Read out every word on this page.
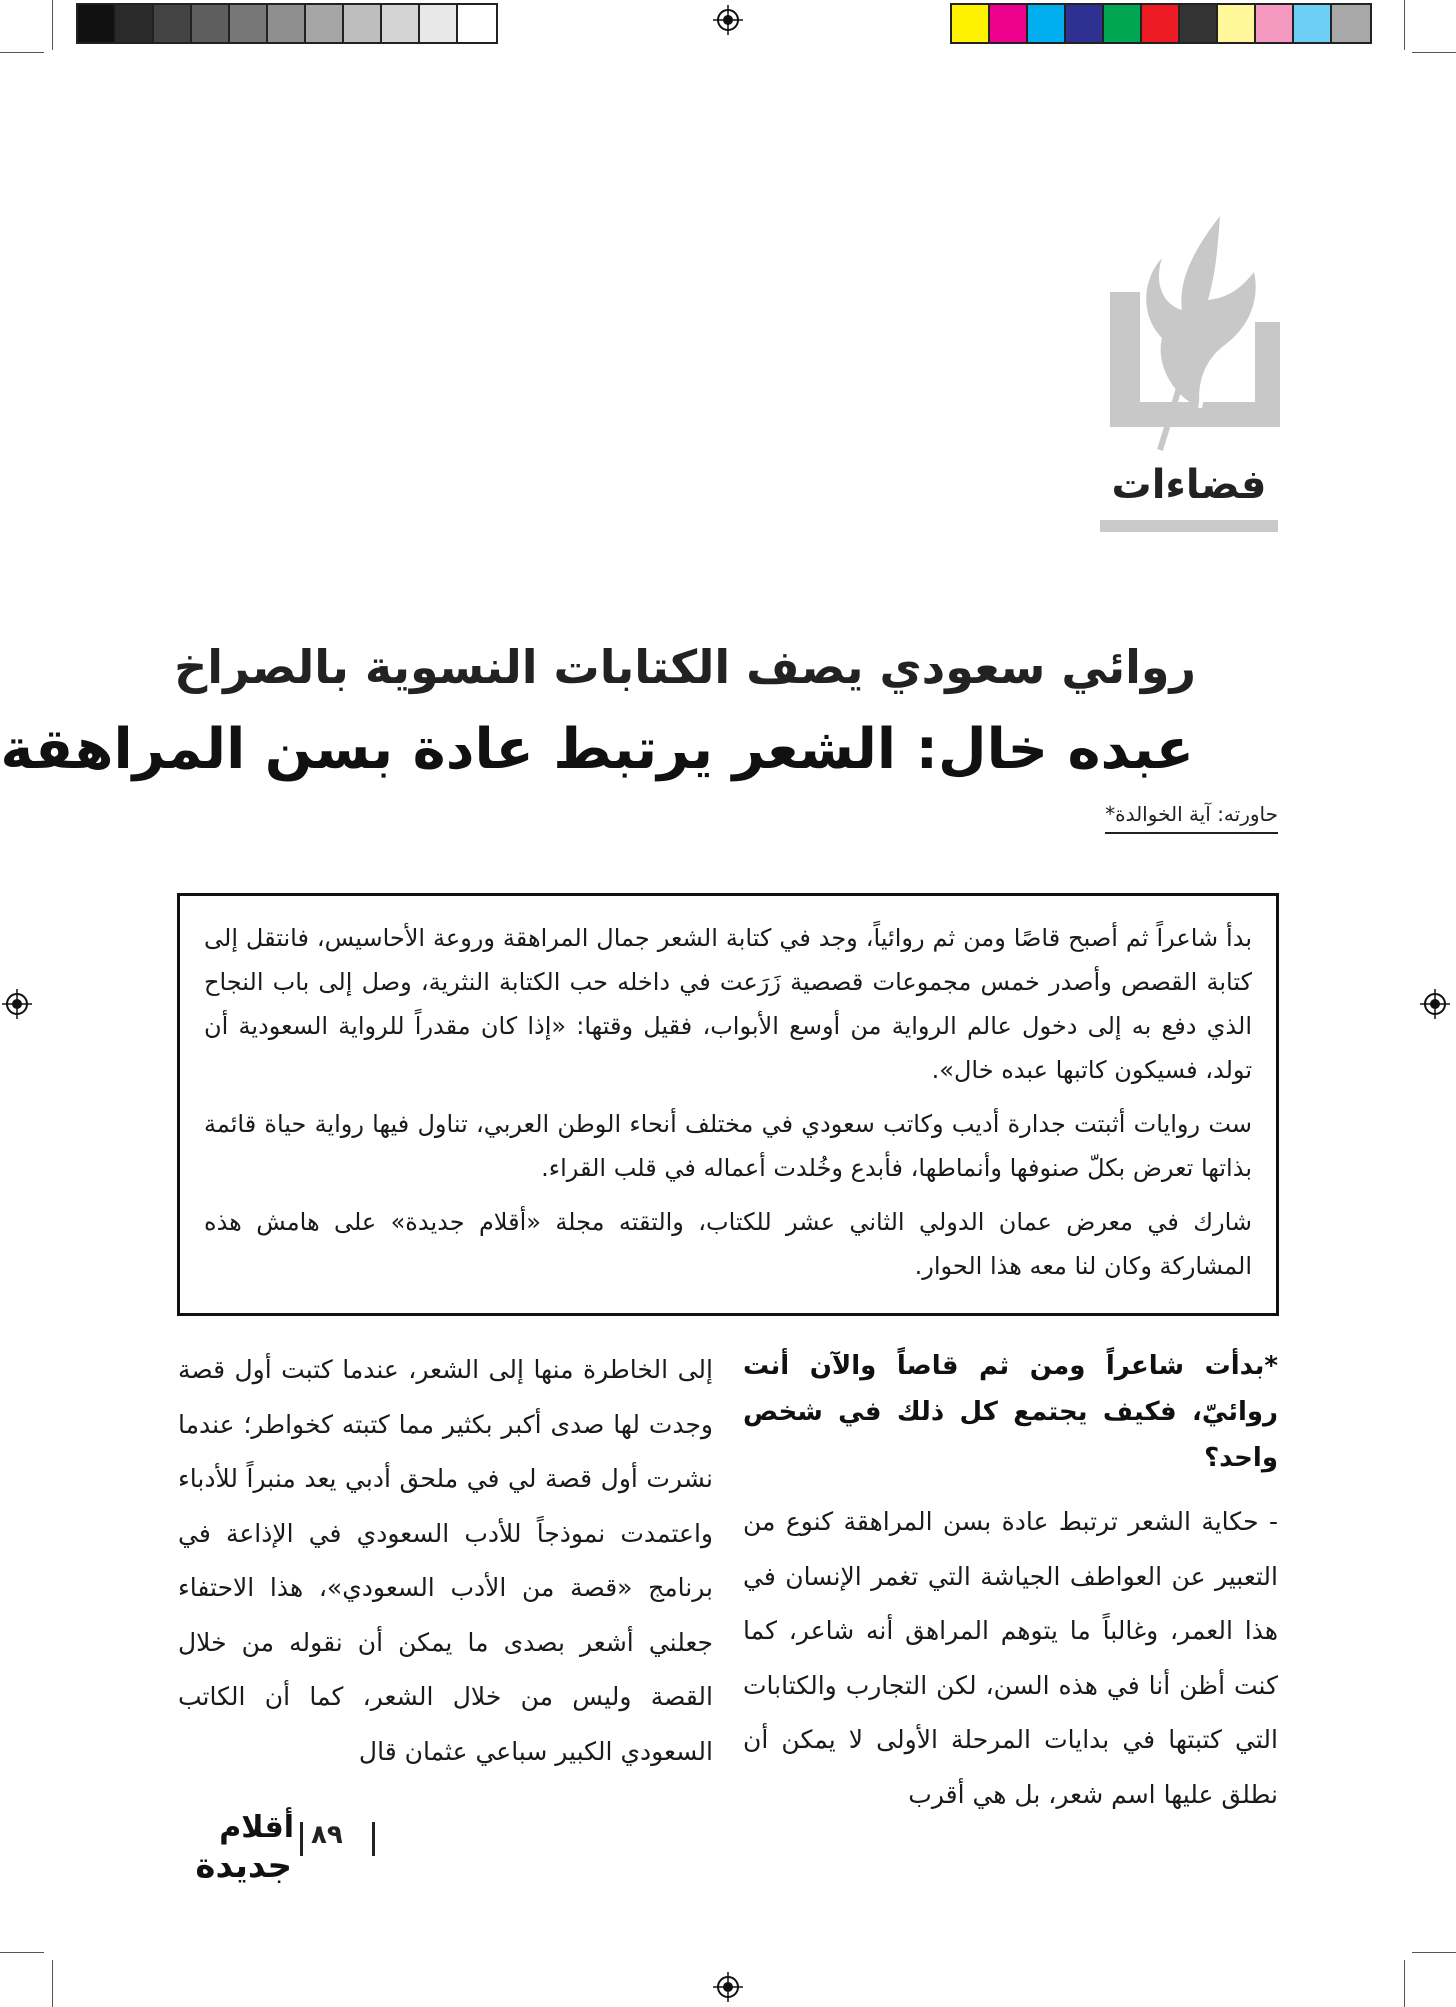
فضاءات
روائي سعودي يصف الكتابات النسوية بالصراخ
عبده خال: الشعر يرتبط عادة بسن المراهقة
حاورته: آية الخوالدة*

بدأ شاعراً ثم أصبح قاصًا ومن ثم روائياً، وجد في كتابة الشعر جمال المراهقة وروعة الأحاسيس، فانتقل إلى كتابة القصص وأصدر خمس مجموعات قصصية زَرَعت في داخله حب الكتابة النثرية، وصل إلى باب النجاح الذي دفع به إلى دخول عالم الرواية من أوسع الأبواب، فقيل وقتها: «إذا كان مقدراً للرواية السعودية أن تولد، فسيكون كاتبها عبده خال».

ست روايات أثبتت جدارة أديب وكاتب سعودي في مختلف أنحاء الوطن العربي، تناول فيها رواية حياة قائمة بذاتها تعرض بكلّ صنوفها وأنماطها، فأبدع وخُلدت أعماله في قلب القراء.

شارك في معرض عمان الدولي الثاني عشر للكتاب، والتقته مجلة «أقلام جديدة» على هامش هذه المشاركة وكان لنا معه هذا الحوار.

*بدأت شاعراً ومن ثم قاصاً والآن أنت روائيّ، فكيف يجتمع كل ذلك في شخص واحد؟

- حكاية الشعر ترتبط عادة بسن المراهقة كنوع من التعبير عن العواطف الجياشة التي تغمر الإنسان في هذا العمر، وغالباً ما يتوهم المراهق أنه شاعر، كما كنت أظن أنا في هذه السن، لكن التجارب والكتابات التي كتبتها في بدايات المرحلة الأولى لا يمكن أن نطلق عليها اسم شعر، بل هي أقرب

إلى الخاطرة منها إلى الشعر، عندما كتبت أول قصة وجدت لها صدى أكبر بكثير مما كتبته كخواطر؛ عندما نشرت أول قصة لي في ملحق أدبي يعد منبراً للأدباء واعتمدت نموذجاً للأدب السعودي في الإذاعة في برنامج «قصة من الأدب السعودي»، هذا الاحتفاء جعلني أشعر بصدى ما يمكن أن نقوله من خلال القصة وليس من خلال الشعر، كما أن الكاتب السعودي الكبير سباعي عثمان قال

أقلام
جديدة
٨٩
